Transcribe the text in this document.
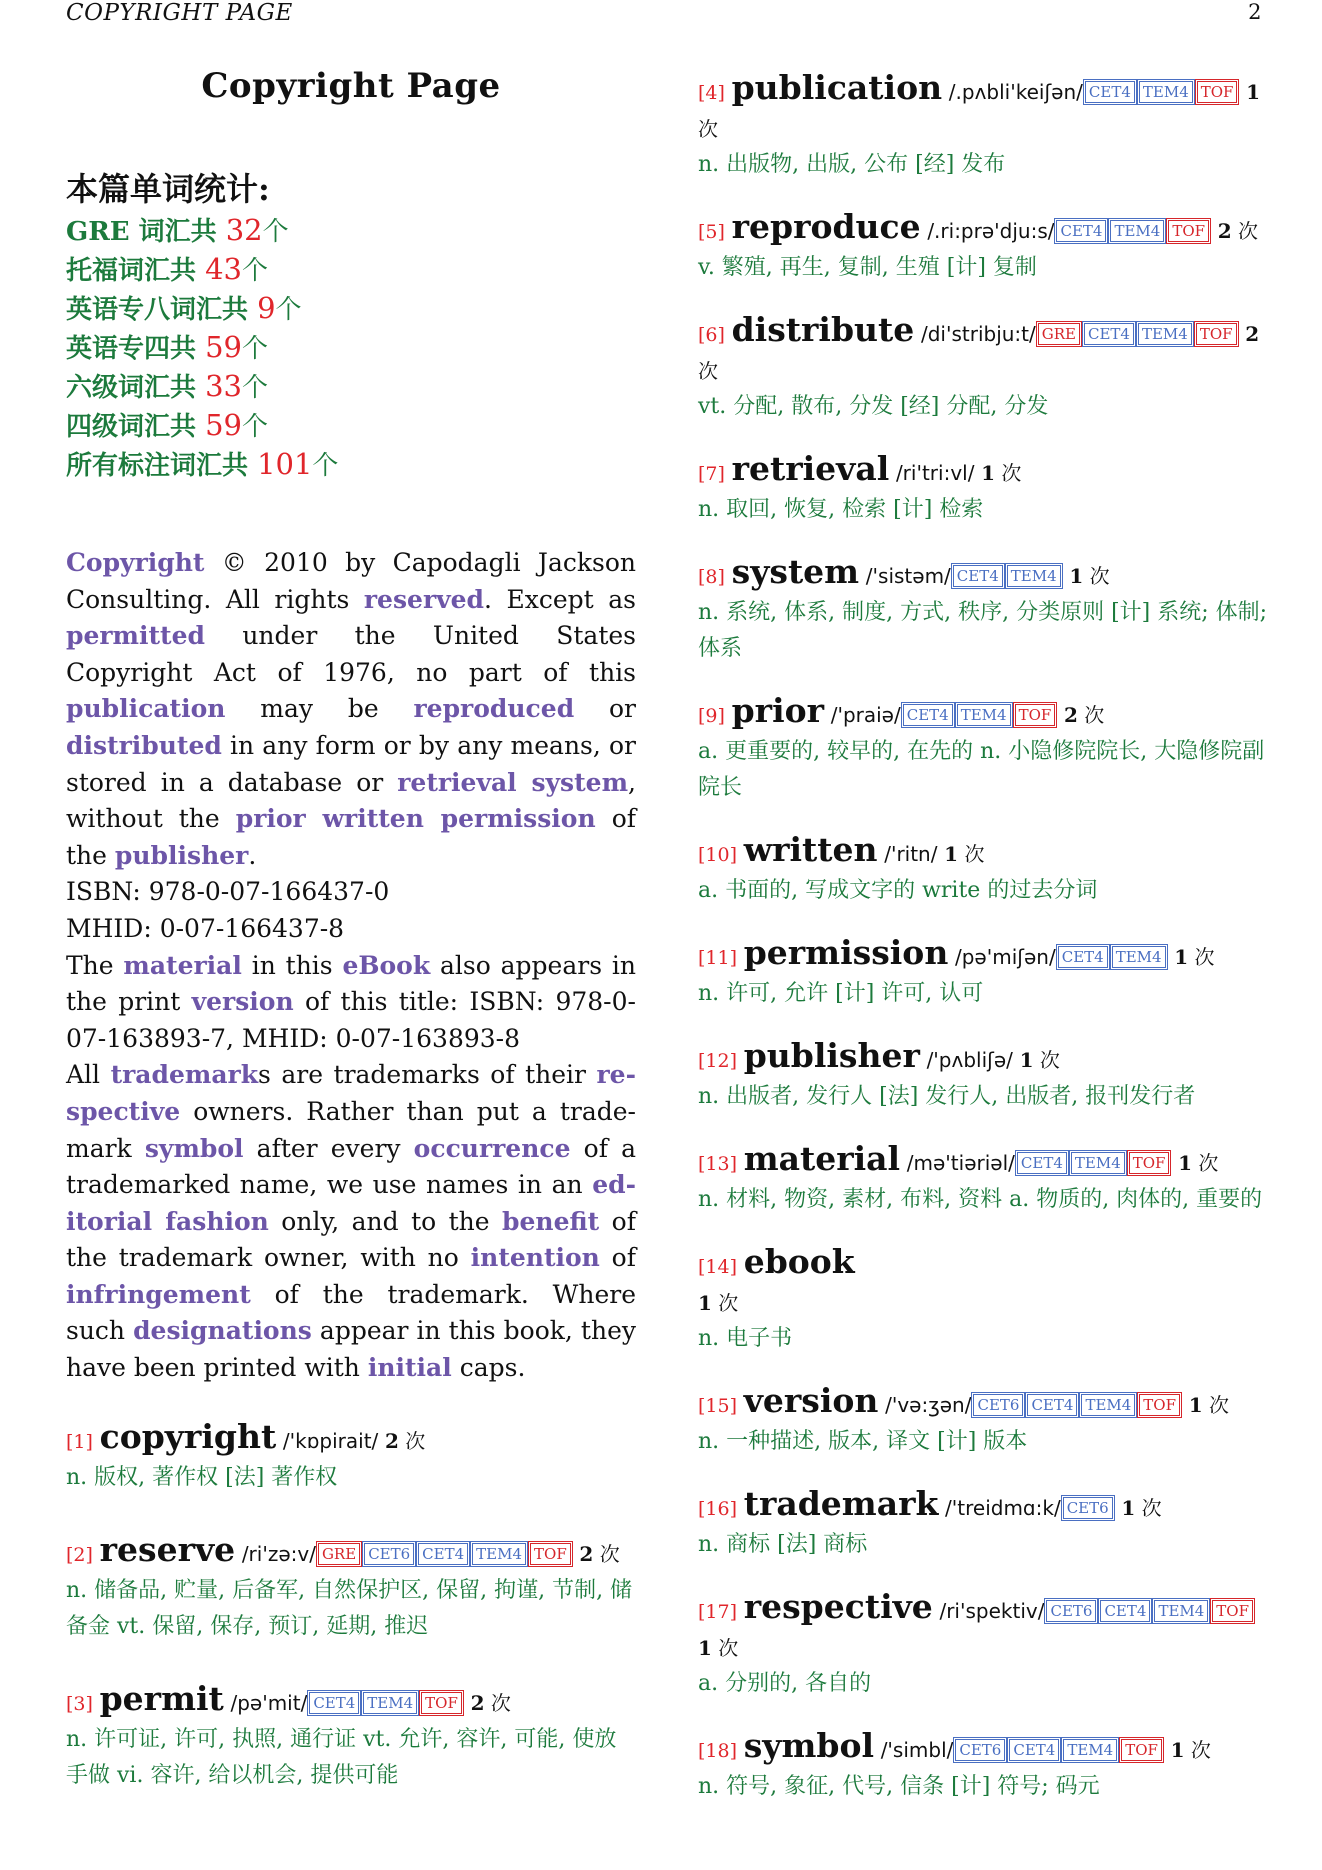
COPYRIGHT PAGE	2
Copyright Page
本篇单词统计:
GRE 词汇共 32个
托福词汇共 43个
英语专八词汇共 9个
英语专四共 59个
六级词汇共 33个
四级词汇共 59个
所有标注词汇共 101个

Copyright © 2010 by Capodagli Jackson Consulting. All rights reserved. Except as permitted under the United States Copyright Act of 1976, no part of this publication may be reproduced or distributed in any form or by any means, or stored in a database or retrieval system, without the prior written permission of the publisher.

ISBN: 978-0-07-166437-0

MHID: 0-07-166437-8

The material in this eBook also appears in the print version of this title: ISBN: 978-0-07-163893-7, MHID: 0-07-163893-8

All trademarks are trademarks of their respective owners. Rather than put a trademark symbol after every occurrence of a trademarked name, we use names in an editorial fashion only, and to the benefit of the trademark owner, with no intention of infringement of the trademark. Where such designations appear in this book, they have been printed with initial caps.

[1] copyright /'kɒpirait/ 2 次
n. 版权, 著作权 [法] 著作权
[2] reserve /ri'zə:v/ GRE CET6 CET4 TEM4 TOF 2 次
n. 储备品, 贮量, 后备军, 自然保护区, 保留, 拘谨, 节制, 储备金 vt. 保留, 保存, 预订, 延期, 推迟
[3] permit /pə'mit/ CET4 TEM4 TOF 2 次
n. 许可证, 许可, 执照, 通行证 vt. 允许, 容许, 可能, 使放手做 vi. 容许, 给以机会, 提供可能
[4] publication /.pʌbli'keiʃən/ CET4 TEM4 TOF 1 次
n. 出版物, 出版, 公布 [经] 发布
[5] reproduce /.ri:prə'dju:s/ CET4 TEM4 TOF 2 次
v. 繁殖, 再生, 复制, 生殖 [计] 复制
[6] distribute /di'stribju:t/ GRE CET4 TEM4 TOF 2 次
vt. 分配, 散布, 分发 [经] 分配, 分发
[7] retrieval /ri'tri:vl/ 1 次
n. 取回, 恢复, 检索 [计] 检索
[8] system /'sistəm/ CET4 TEM4 1 次
n. 系统, 体系, 制度, 方式, 秩序, 分类原则 [计] 系统; 体制; 体系
[9] prior /'praiə/ CET4 TEM4 TOF 2 次
a. 更重要的, 较早的, 在先的 n. 小隐修院院长, 大隐修院副院长
[10] written /'ritn/ 1 次
a. 书面的, 写成文字的 write 的过去分词
[11] permission /pə'miʃən/ CET4 TEM4 1 次
n. 许可, 允许 [计] 许可, 认可
[12] publisher /'pʌbliʃə/ 1 次
n. 出版者, 发行人 [法] 发行人, 出版者, 报刊发行者
[13] material /mə'tiəriəl/ CET4 TEM4 TOF 1 次
n. 材料, 物资, 素材, 布料, 资料 a. 物质的, 肉体的, 重要的
[14] ebook
1 次
n. 电子书
[15] version /'və:ʒən/ CET6 CET4 TEM4 TOF 1 次
n. 一种描述, 版本, 译文 [计] 版本
[16] trademark /'treidmɑ:k/ CET6 1 次
n. 商标 [法] 商标
[17] respective /ri'spektiv/ CET6 CET4 TEM4 TOF 1 次
a. 分别的, 各自的
[18] symbol /'simbl/ CET6 CET4 TEM4 TOF 1 次
n. 符号, 象征, 代号, 信条 [计] 符号; 码元
